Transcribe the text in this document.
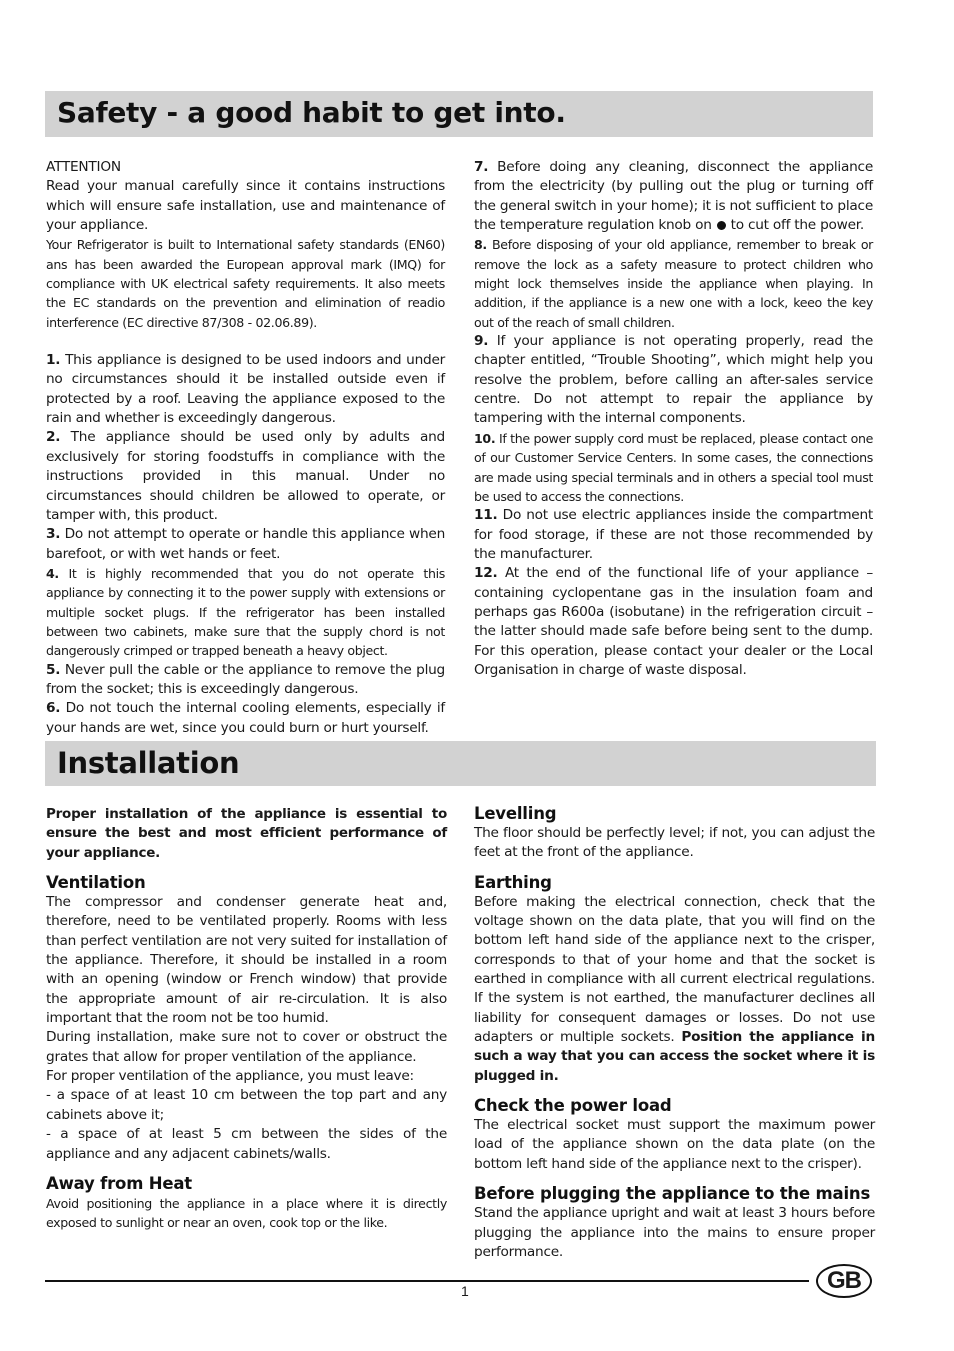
Safety - a good habit to get into.

ATTENTION

Read your manual carefully since it contains instructions which will ensure safe installation, use and maintenance of your appliance.

Your Refrigerator is built to International safety standards (EN60) ans has been awarded the European approval mark (IMQ) for compliance with UK electrical safety requirements. It also meets the EC standards on the prevention and elimination of readio interference (EC directive 87/308 - 02.06.89).

1. This appliance is designed to be used indoors and under no circumstances should it be installed outside even if protected by a roof. Leaving the appliance exposed to the rain and whether is exceedingly dangerous.

2. The appliance should be used only by adults and exclusively for storing foodstuffs in compliance with the instructions provided in this manual. Under no circumstances should children be allowed to operate, or tamper with, this product.

3. Do not attempt to operate or handle this appliance when barefoot, or with wet hands or feet.

4. It is highly recommended that you do not operate this appliance by connecting it to the power supply with extensions or multiple socket plugs. If the refrigerator has been installed between two cabinets, make sure that the supply chord is not dangerously crimped or trapped beneath a heavy object.

5. Never pull the cable or the appliance to remove the plug from the socket; this is exceedingly dangerous.

6. Do not touch the internal cooling elements, especially if your hands are wet, since you could burn or hurt yourself.

7. Before doing any cleaning, disconnect the appliance from the electricity (by pulling out the plug or turning off the general switch in your home); it is not sufficient to place the temperature regulation knob on to cut off the power.

8. Before disposing of your old appliance, remember to break or remove the lock as a safety measure to protect children who might lock themselves inside the appliance when playing. In addition, if the appliance is a new one with a lock, keeo the key out of the reach of small children.

9. If your appliance is not operating properly, read the chapter entitled, “Trouble Shooting”, which might help you resolve the problem, before calling an after-sales service centre. Do not attempt to repair the appliance by tampering with the internal components.

10. If the power supply cord must be replaced, please contact one of our Customer Service Centers. In some cases, the connections are made using special terminals and in others a special tool must be used to access the connections.

11. Do not use electric appliances inside the compartment for food storage, if these are not those recommended by the manufacturer.

12. At the end of the functional life of your appliance – containing cyclopentane gas in the insulation foam and perhaps gas R600a (isobutane) in the refrigeration circuit – the latter should made safe before being sent to the dump. For this operation, please contact your dealer or the Local Organisation in charge of waste disposal.

Installation

Proper installation of the appliance is essential to ensure the best and most efficient performance of your appliance.

Ventilation

The compressor and condenser generate heat and, therefore, need to be ventilated properly. Rooms with less than perfect ventilation are not very suited for installation of the appliance. Therefore, it should be installed in a room with an opening (window or French window) that provide the appropriate amount of air re-circulation. It is also important that the room not be too humid.

During installation, make sure not to cover or obstruct the grates that allow for proper ventilation of the appliance.

For proper ventilation of the appliance, you must leave:

- a space of at least 10 cm between the top part and any cabinets above it;

- a space of at least 5 cm between the sides of the appliance and any adjacent cabinets/walls.

Away from Heat

Avoid positioning the appliance in a place where it is directly exposed to sunlight or near an oven, cook top or the like.

Levelling

The floor should be perfectly level; if not, you can adjust the feet at the front of the appliance.

Earthing

Before making the electrical connection, check that the voltage shown on the data plate, that you will find on the bottom left hand side of the appliance next to the crisper, corresponds to that of your home and that the socket is earthed in compliance with all current electrical regulations. If the system is not earthed, the manufacturer declines all liability for consequent damages or losses. Do not use adapters or multiple sockets. Position the appliance in such a way that you can access the socket where it is plugged in.

Check the power load

The electrical socket must support the maximum power load of the appliance shown on the data plate (on the bottom left hand side of the appliance next to the crisper).

Before plugging the appliance to the mains

Stand the appliance upright and wait at least 3 hours before plugging the appliance into the mains to ensure proper performance.

1	GB
